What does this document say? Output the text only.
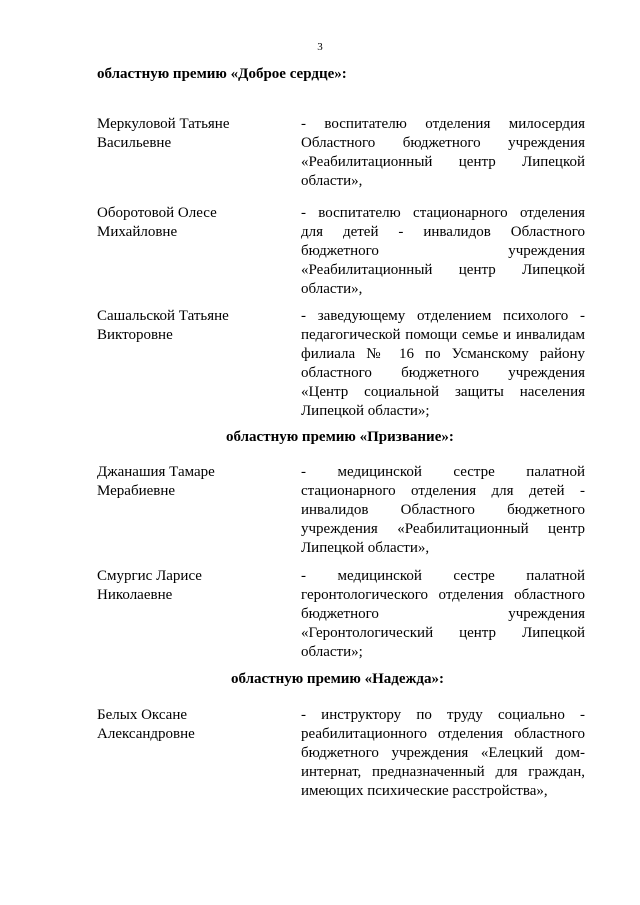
3
областную премию «Доброе сердце»:
Меркуловой Татьяне
Васильевне
- воспитателю отделения милосердия Областного бюджетного учреждения «Реабилитационный центр Липецкой области»,
Оборотовой Олесе
Михайловне
- воспитателю стационарного отделения для детей - инвалидов Областного бюджетного учреждения «Реабилитационный центр Липецкой области»,
Сашальской Татьяне
Викторовне
- заведующему отделением психолого - педагогической помощи семье и инвалидам филиала № 16 по Усманскому району областного бюджетного учреждения «Центр социальной защиты населения Липецкой области»;
областную премию «Призвание»:
Джанашия Тамаре
Мерабиевне
- медицинской сестре палатной стационарного отделения для детей - инвалидов Областного бюджетного учреждения «Реабилитационный центр Липецкой области»,
Смургис Ларисе
Николаевне
- медицинской сестре палатной геронтологического отделения областного бюджетного учреждения «Геронтологический центр Липецкой области»;
областную премию «Надежда»:
Белых Оксане
Александровне
- инструктору по труду социально - реабилитационного отделения областного бюджетного учреждения «Елецкий дом-интернат, предназначенный для граждан, имеющих психические расстройства»,
